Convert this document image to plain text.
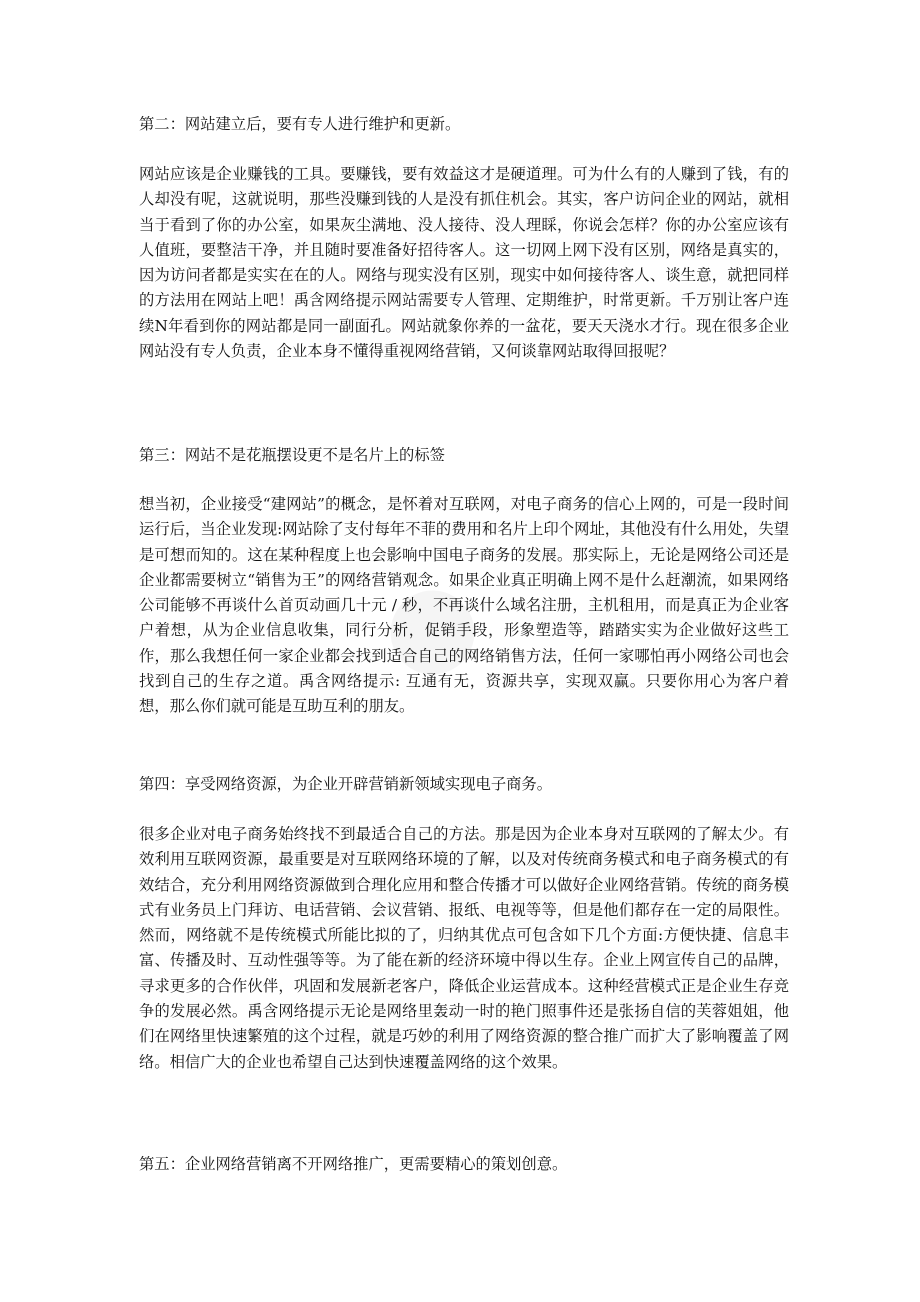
第二：网站建立后，要有专人进行维护和更新。

网站应该是企业赚钱的工具。要赚钱，要有效益这才是硬道理。可为什么有的人赚到了钱，有的人却没有呢，这就说明，那些没赚到钱的人是没有抓住机会。其实，客户访问企业的网站，就相当于看到了你的办公室，如果灰尘满地、没人接待、没人理睬，你说会怎样？你的办公室应该有人值班，要整洁干净，并且随时要准备好招待客人。这一切网上网下没有区别，网络是真实的，因为访问者都是实实在在的人。网络与现实没有区别，现实中如何接待客人、谈生意，就把同样的方法用在网站上吧！禹含网络提示网站需要专人管理、定期维护，时常更新。千万别让客户连续N年看到你的网站都是同一副面孔。网站就象你养的一盆花，要天天浇水才行。现在很多企业网站没有专人负责，企业本身不懂得重视网络营销，又何谈靠网站取得回报呢？

第三：网站不是花瓶摆设更不是名片上的标签

想当初，企业接受“建网站”的概念，是怀着对互联网，对电子商务的信心上网的，可是一段时间运行后，当企业发现:网站除了支付每年不菲的费用和名片上印个网址，其他没有什么用处，失望是可想而知的。这在某种程度上也会影响中国电子商务的发展。那实际上，无论是网络公司还是企业都需要树立“销售为王”的网络营销观念。如果企业真正明确上网不是什么赶潮流，如果网络公司能够不再谈什么首页动画几十元 / 秒，不再谈什么域名注册，主机租用，而是真正为企业客户着想，从为企业信息收集，同行分析，促销手段，形象塑造等，踏踏实实为企业做好这些工作，那么我想任何一家企业都会找到适合自己的网络销售方法，任何一家哪怕再小网络公司也会找到自己的生存之道。禹含网络提示: 互通有无，资源共享，实现双赢。只要你用心为客户着想，那么你们就可能是互助互利的朋友。

第四：享受网络资源，为企业开辟营销新领域实现电子商务。

很多企业对电子商务始终找不到最适合自己的方法。那是因为企业本身对互联网的了解太少。有效利用互联网资源，最重要是对互联网络环境的了解，以及对传统商务模式和电子商务模式的有效结合，充分利用网络资源做到合理化应用和整合传播才可以做好企业网络营销。传统的商务模式有业务员上门拜访、电话营销、会议营销、报纸、电视等等，但是他们都存在一定的局限性。然而，网络就不是传统模式所能比拟的了，归纳其优点可包含如下几个方面:方便快捷、信息丰富、传播及时、互动性强等等。为了能在新的经济环境中得以生存。企业上网宣传自己的品牌，寻求更多的合作伙伴，巩固和发展新老客户，降低企业运营成本。这种经营模式正是企业生存竞争的发展必然。禹含网络提示无论是网络里轰动一时的艳门照事件还是张扬自信的芙蓉姐姐，他们在网络里快速繁殖的这个过程，就是巧妙的利用了网络资源的整合推广而扩大了影响覆盖了网络。相信广大的企业也希望自己达到快速覆盖网络的这个效果。

第五：企业网络营销离不开网络推广，更需要精心的策划创意。
